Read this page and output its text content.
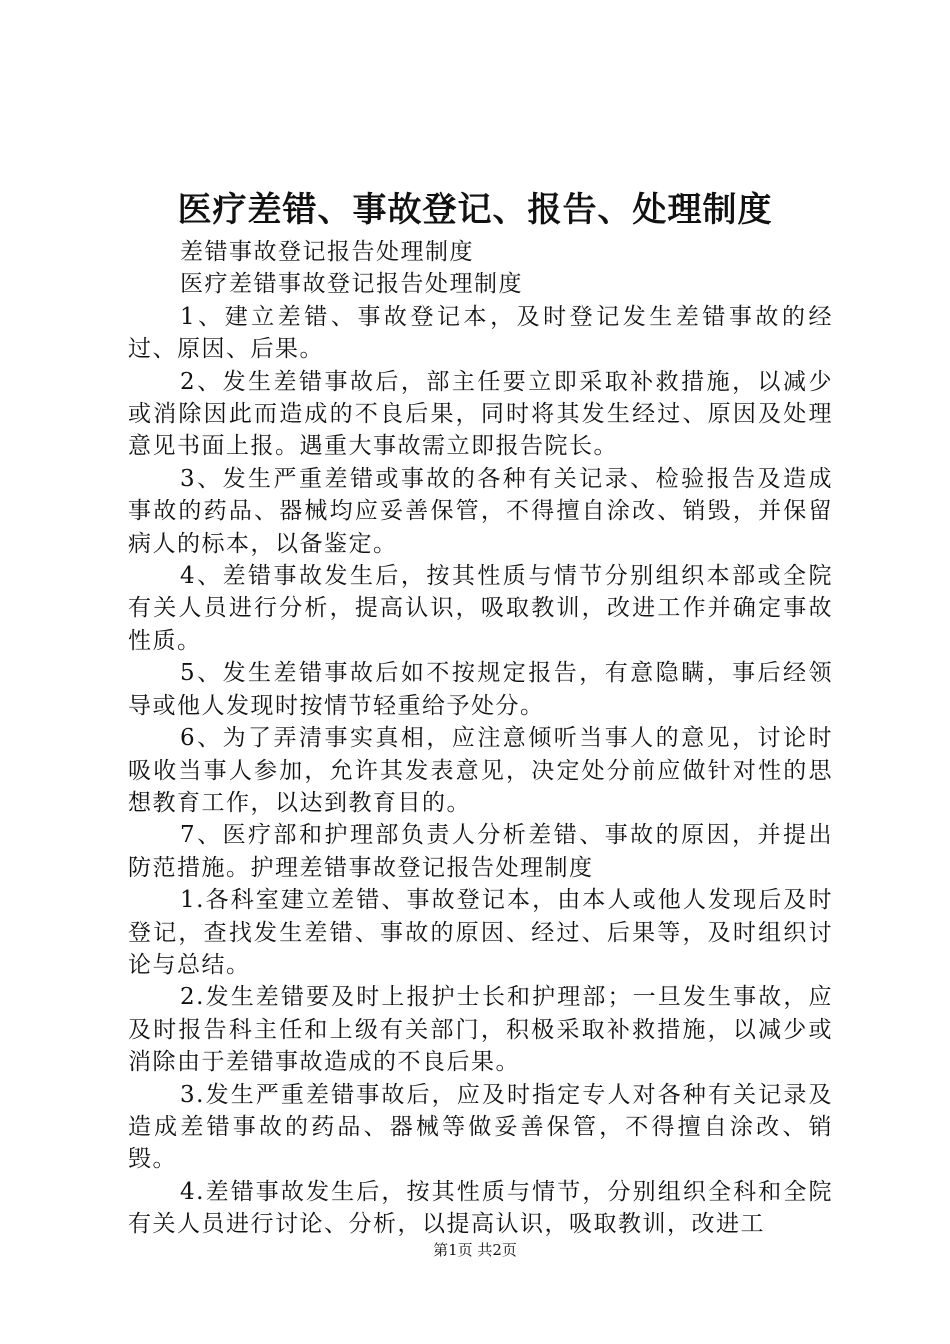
医疗差错、事故登记、报告、处理制度

差错事故登记报告处理制度

医疗差错事故登记报告处理制度

1、建立差错、事故登记本，及时登记发生差错事故的经过、原因、后果。

2、发生差错事故后，部主任要立即采取补救措施，以减少或消除因此而造成的不良后果，同时将其发生经过、原因及处理意见书面上报。遇重大事故需立即报告院长。

3、发生严重差错或事故的各种有关记录、检验报告及造成事故的药品、器械均应妥善保管，不得擅自涂改、销毁，并保留病人的标本，以备鉴定。

4、差错事故发生后，按其性质与情节分别组织本部或全院有关人员进行分析，提高认识，吸取教训，改进工作并确定事故性质。

5、发生差错事故后如不按规定报告，有意隐瞒，事后经领导或他人发现时按情节轻重给予处分。

6、为了弄清事实真相，应注意倾听当事人的意见，讨论时吸收当事人参加，允许其发表意见，决定处分前应做针对性的思想教育工作，以达到教育目的。

7、医疗部和护理部负责人分析差错、事故的原因，并提出防范措施。护理差错事故登记报告处理制度

1.各科室建立差错、事故登记本，由本人或他人发现后及时登记，查找发生差错、事故的原因、经过、后果等，及时组织讨论与总结。

2.发生差错要及时上报护士长和护理部；一旦发生事故，应及时报告科主任和上级有关部门，积极采取补救措施，以减少或消除由于差错事故造成的不良后果。

3.发生严重差错事故后，应及时指定专人对各种有关记录及造成差错事故的药品、器械等做妥善保管，不得擅自涂改、销毁。

4.差错事故发生后，按其性质与情节，分别组织全科和全院有关人员进行讨论、分析，以提高认识，吸取教训，改进工

第1页 共2页
